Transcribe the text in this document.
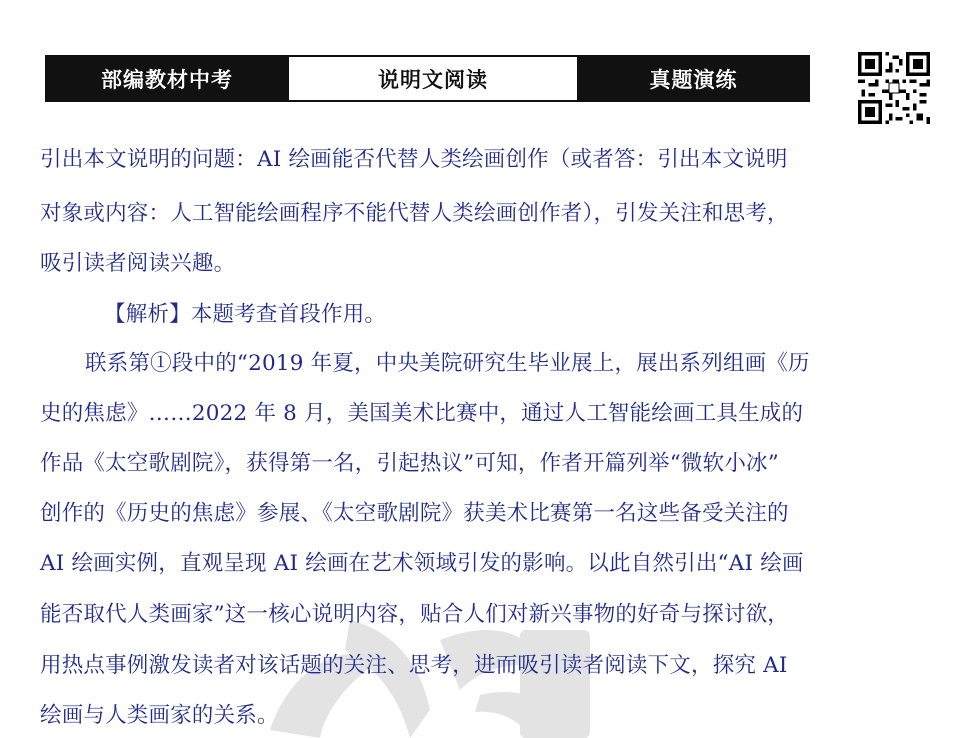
部编教材中考	说明文阅读	真题演练
引出本文说明的问题：AI 绘画能否代替人类绘画创作（或者答：引出本文说明
对象或内容：人工智能绘画程序不能代替人类绘画创作者），引发关注和思考，
吸引读者阅读兴趣。
【解析】本题考查首段作用。
联系第①段中的“2019 年夏，中央美院研究生毕业展上，展出系列组画《历
史的焦虑》……2022 年 8 月，美国美术比赛中，通过人工智能绘画工具生成的
作品《太空歌剧院》，获得第一名，引起热议”可知，作者开篇列举“微软小冰”
创作的《历史的焦虑》参展、《太空歌剧院》获美术比赛第一名这些备受关注的
AI 绘画实例，直观呈现 AI 绘画在艺术领域引发的影响。以此自然引出“AI 绘画
能否取代人类画家”这一核心说明内容，贴合人们对新兴事物的好奇与探讨欲，
用热点事例激发读者对该话题的关注、思考，进而吸引读者阅读下文，探究 AI
绘画与人类画家的关系。
